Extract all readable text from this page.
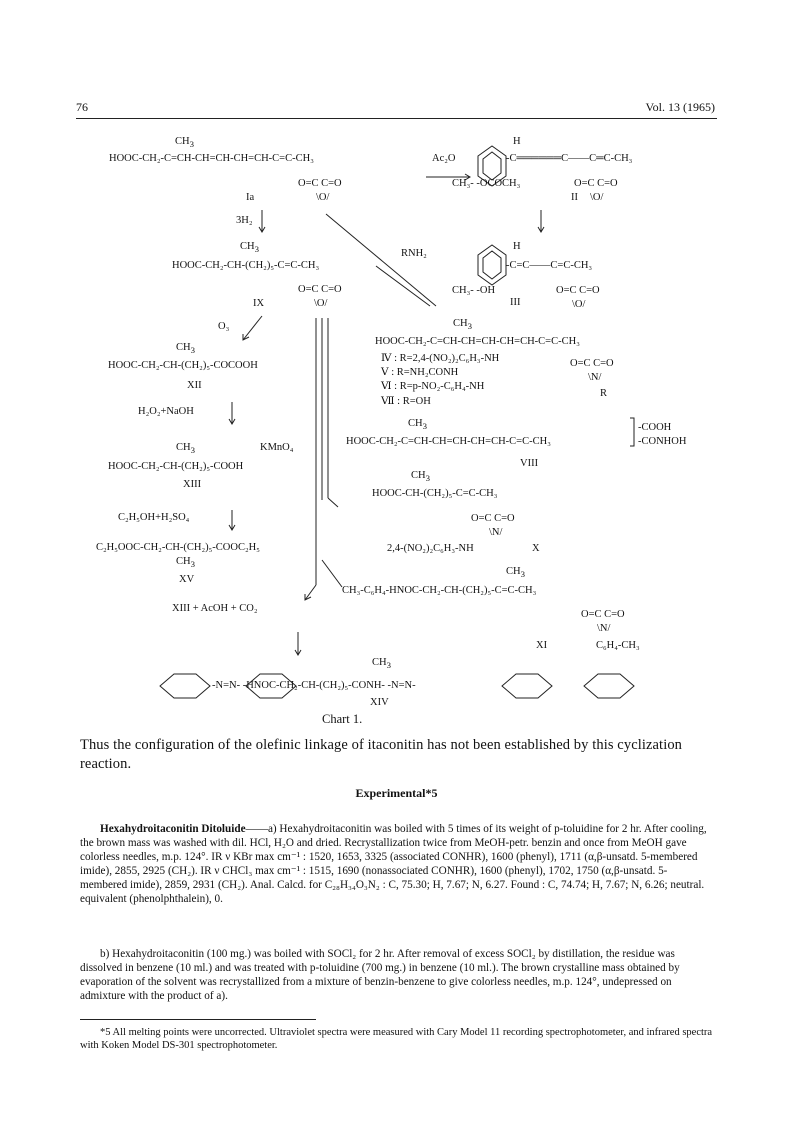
76	Vol. 13 (1965)
$CH_3$
HOOC-CH₂-C=CH-CH=CH-CH=CH-C=C-CH₃
O=C C=O
\O/
Ia
Ac₂O
H
-C══════C——C═C-CH₃
CH₃- -OCOCH₃	O=C C=O
\O/
II
3H₂
$CH_3$
HOOC-CH₂-CH-(CH₂)₅-C=C-CH₃
O=C C=O
\O/
IX
RNH₂
H
-C=C——C=C-CH₃
CH₃- -OH	O=C C=O
\O/
III
O₃	$CH_3$
HOOC-CH₂-C=CH-CH=CH-CH=CH-C=C-CH₃
Ⅳ : R=2,4-(NO₂)₂C₆H₃-NH
Ⅴ : R=NH₂CONH
Ⅵ : R=p-NO₂-C₆H₄-NH
Ⅶ : R=OH
O=C C=O
\N/
R
$CH_3$
HOOC-CH₂-CH-(CH₂)₅-COCOOH
XII
H₂O₂+NaOH
$CH_3$	KMnO₄
HOOC-CH₂-CH-(CH₂)₅-COOH
XIII
$CH_3$
HOOC-CH₂-C=CH-CH=CH-CH=CH-C=C-CH₃
-COOH
-CONHOH
VIII
$CH_3$
HOOC-CH-(CH₂)₅-C=C-CH₃
O=C C=O
\N/
2,4-(NO₂)₂C₆H₃-NH	X
C₂H₅OH+H₂SO₄
C₂H₅OOC-CH₂-CH-(CH₂)₅-COOC₂H₅
$CH_3$
XV
$CH_3$
CH₃-C₆H₄-HNOC-CH₂-CH-(CH₂)₅-C=C-CH₃
O=C C=O
\N/
C₆H₄-CH₃
XI
XIII + AcOH + CO₂
$CH_3$
-N=N- -HNOC-CH₂-CH-(CH₂)₅-CONH- -N=N-
XIV
Chart 1.
Thus the configuration of the olefinic linkage of itaconitin has not been established by this cyclization reaction.
Experimental*5
Hexahydroitaconitin Ditoluide——a) Hexahydroitaconitin was boiled with 5 times of its weight of p-toluidine for 2 hr. After cooling, the brown mass was washed with dil. HCl, H₂O and dried. Recrystallization twice from MeOH-petr. benzin and once from MeOH gave colorless needles, m.p. 124°. IR ν KBr max cm⁻¹ : 1520, 1653, 3325 (associated CONHR), 1600 (phenyl), 1711 (α,β-unsatd. 5-membered imide), 2855, 2925 (CH₂). IR ν CHCl₃ max cm⁻¹ : 1515, 1690 (nonassociated CONHR), 1600 (phenyl), 1702, 1750 (α,β-unsatd. 5-membered imide), 2859, 2931 (CH₂). Anal. Calcd. for C₂₈H₃₄O₃N₂ : C, 75.30; H, 7.67; N, 6.27. Found : C, 74.74; H, 7.67; N, 6.26; neutral. equivalent (phenolphthalein), 0.
b) Hexahydroitaconitin (100 mg.) was boiled with SOCl₂ for 2 hr. After removal of excess SOCl₂ by distillation, the residue was dissolved in benzene (10 ml.) and was treated with p-toluidine (700 mg.) in benzene (10 ml.). The brown crystalline mass obtained by evaporation of the solvent was recrystallized from a mixture of benzin-benzene to give colorless needles, m.p. 124°, undepressed on admixture with the product of a).
*5 All melting points were uncorrected. Ultraviolet spectra were measured with Cary Model 11 recording spectrophotometer, and infrared spectra with Koken Model DS-301 spectrophotometer.
